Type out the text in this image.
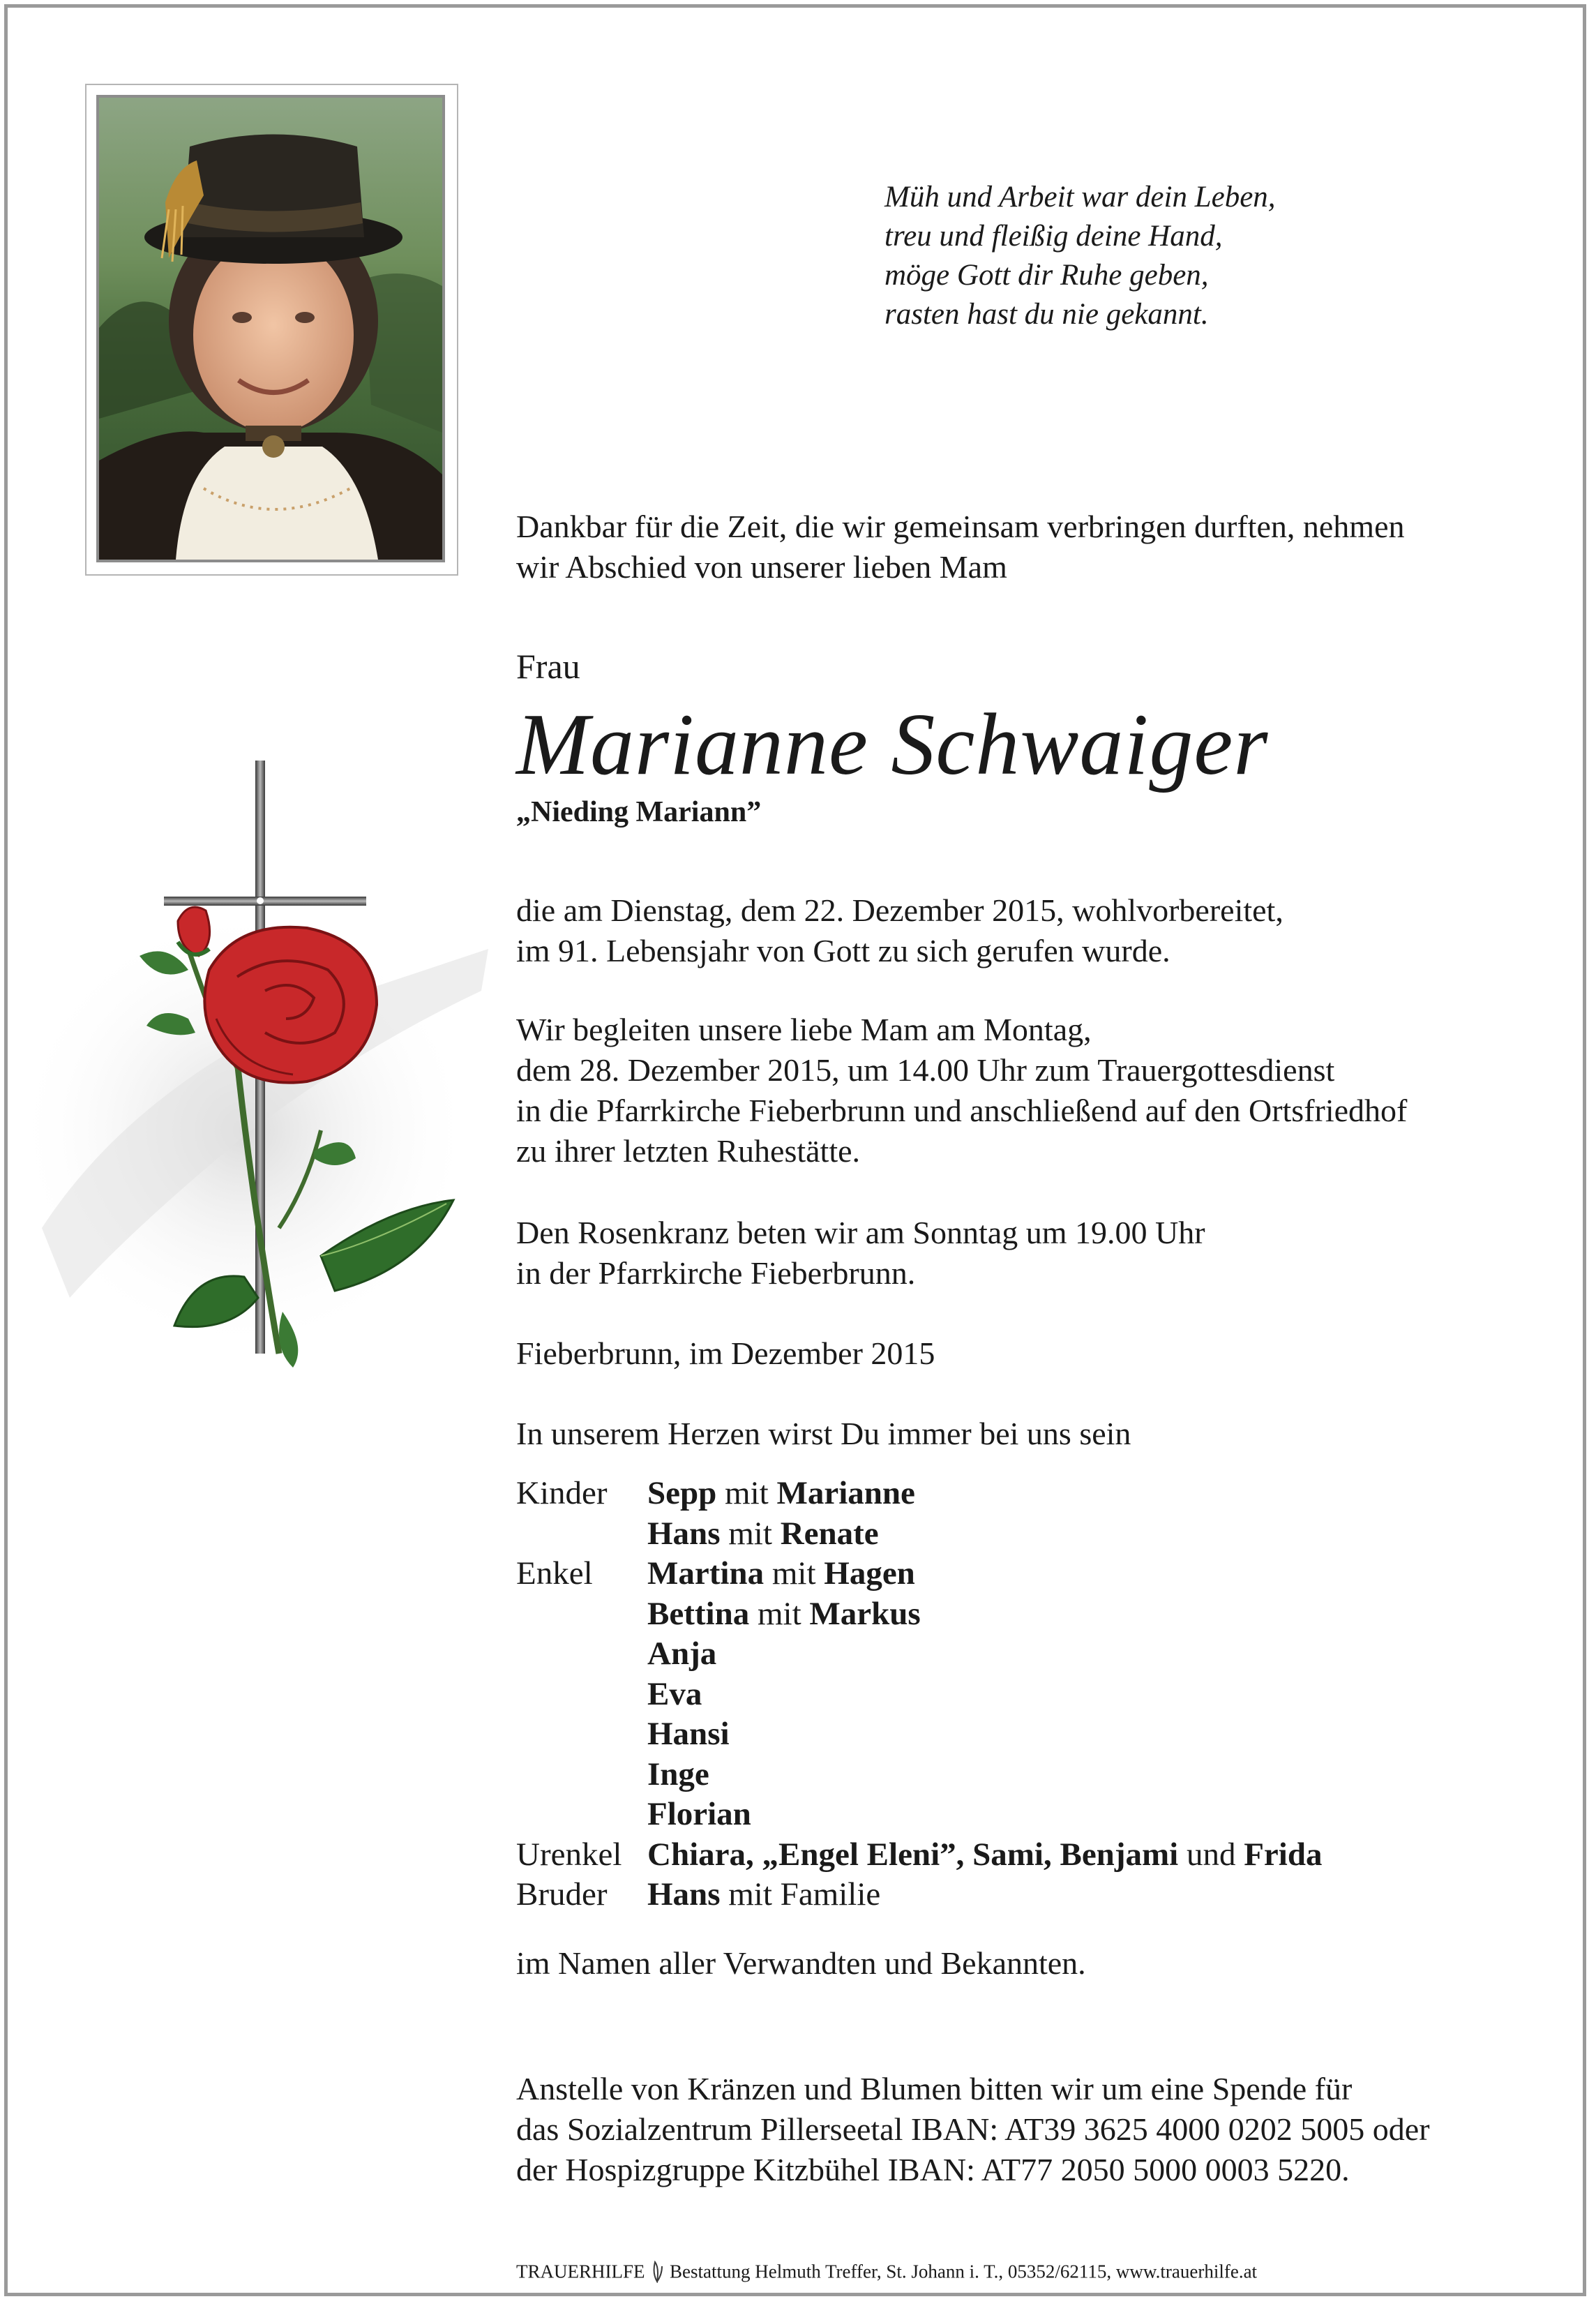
Müh und Arbeit war dein Leben,
treu und fleißig deine Hand,
möge Gott dir Ruhe geben,
rasten hast du nie gekannt.
Dankbar für die Zeit, die wir gemeinsam verbringen durften, nehmen
wir Abschied von unserer lieben Mam
Frau
Marianne Schwaiger
„Nieding Mariann”
die am Dienstag, dem 22. Dezember 2015, wohlvorbereitet,
im 91. Lebensjahr von Gott zu sich gerufen wurde.
Wir begleiten unsere liebe Mam am Montag,
dem 28. Dezember 2015, um 14.00 Uhr zum Trauergottesdienst
in die Pfarrkirche Fieberbrunn und anschließend auf den Ortsfriedhof
zu ihrer letzten Ruhestätte.
Den Rosenkranz beten wir am Sonntag um 19.00 Uhr
in der Pfarrkirche Fieberbrunn.
Fieberbrunn, im Dezember 2015
In unserem Herzen wirst Du immer bei uns sein
Kinder Sepp mit Marianne
Hans mit Renate
Enkel Martina mit Hagen
Bettina mit Markus
Anja
Eva
Hansi
Inge
Florian
Urenkel Chiara, „Engel Eleni”, Sami, Benjami und Frida
Bruder Hans mit Familie
im Namen aller Verwandten und Bekannten.
Anstelle von Kränzen und Blumen bitten wir um eine Spende für
das Sozialzentrum Pillerseetal IBAN: AT39 3625 4000 0202 5005 oder
der Hospizgruppe Kitzbühel IBAN: AT77 2050 5000 0003 5220.
TRAUERHILFE Bestattung Helmuth Treffer, St. Johann i. T., 05352/62115, www.trauerhilfe.at
